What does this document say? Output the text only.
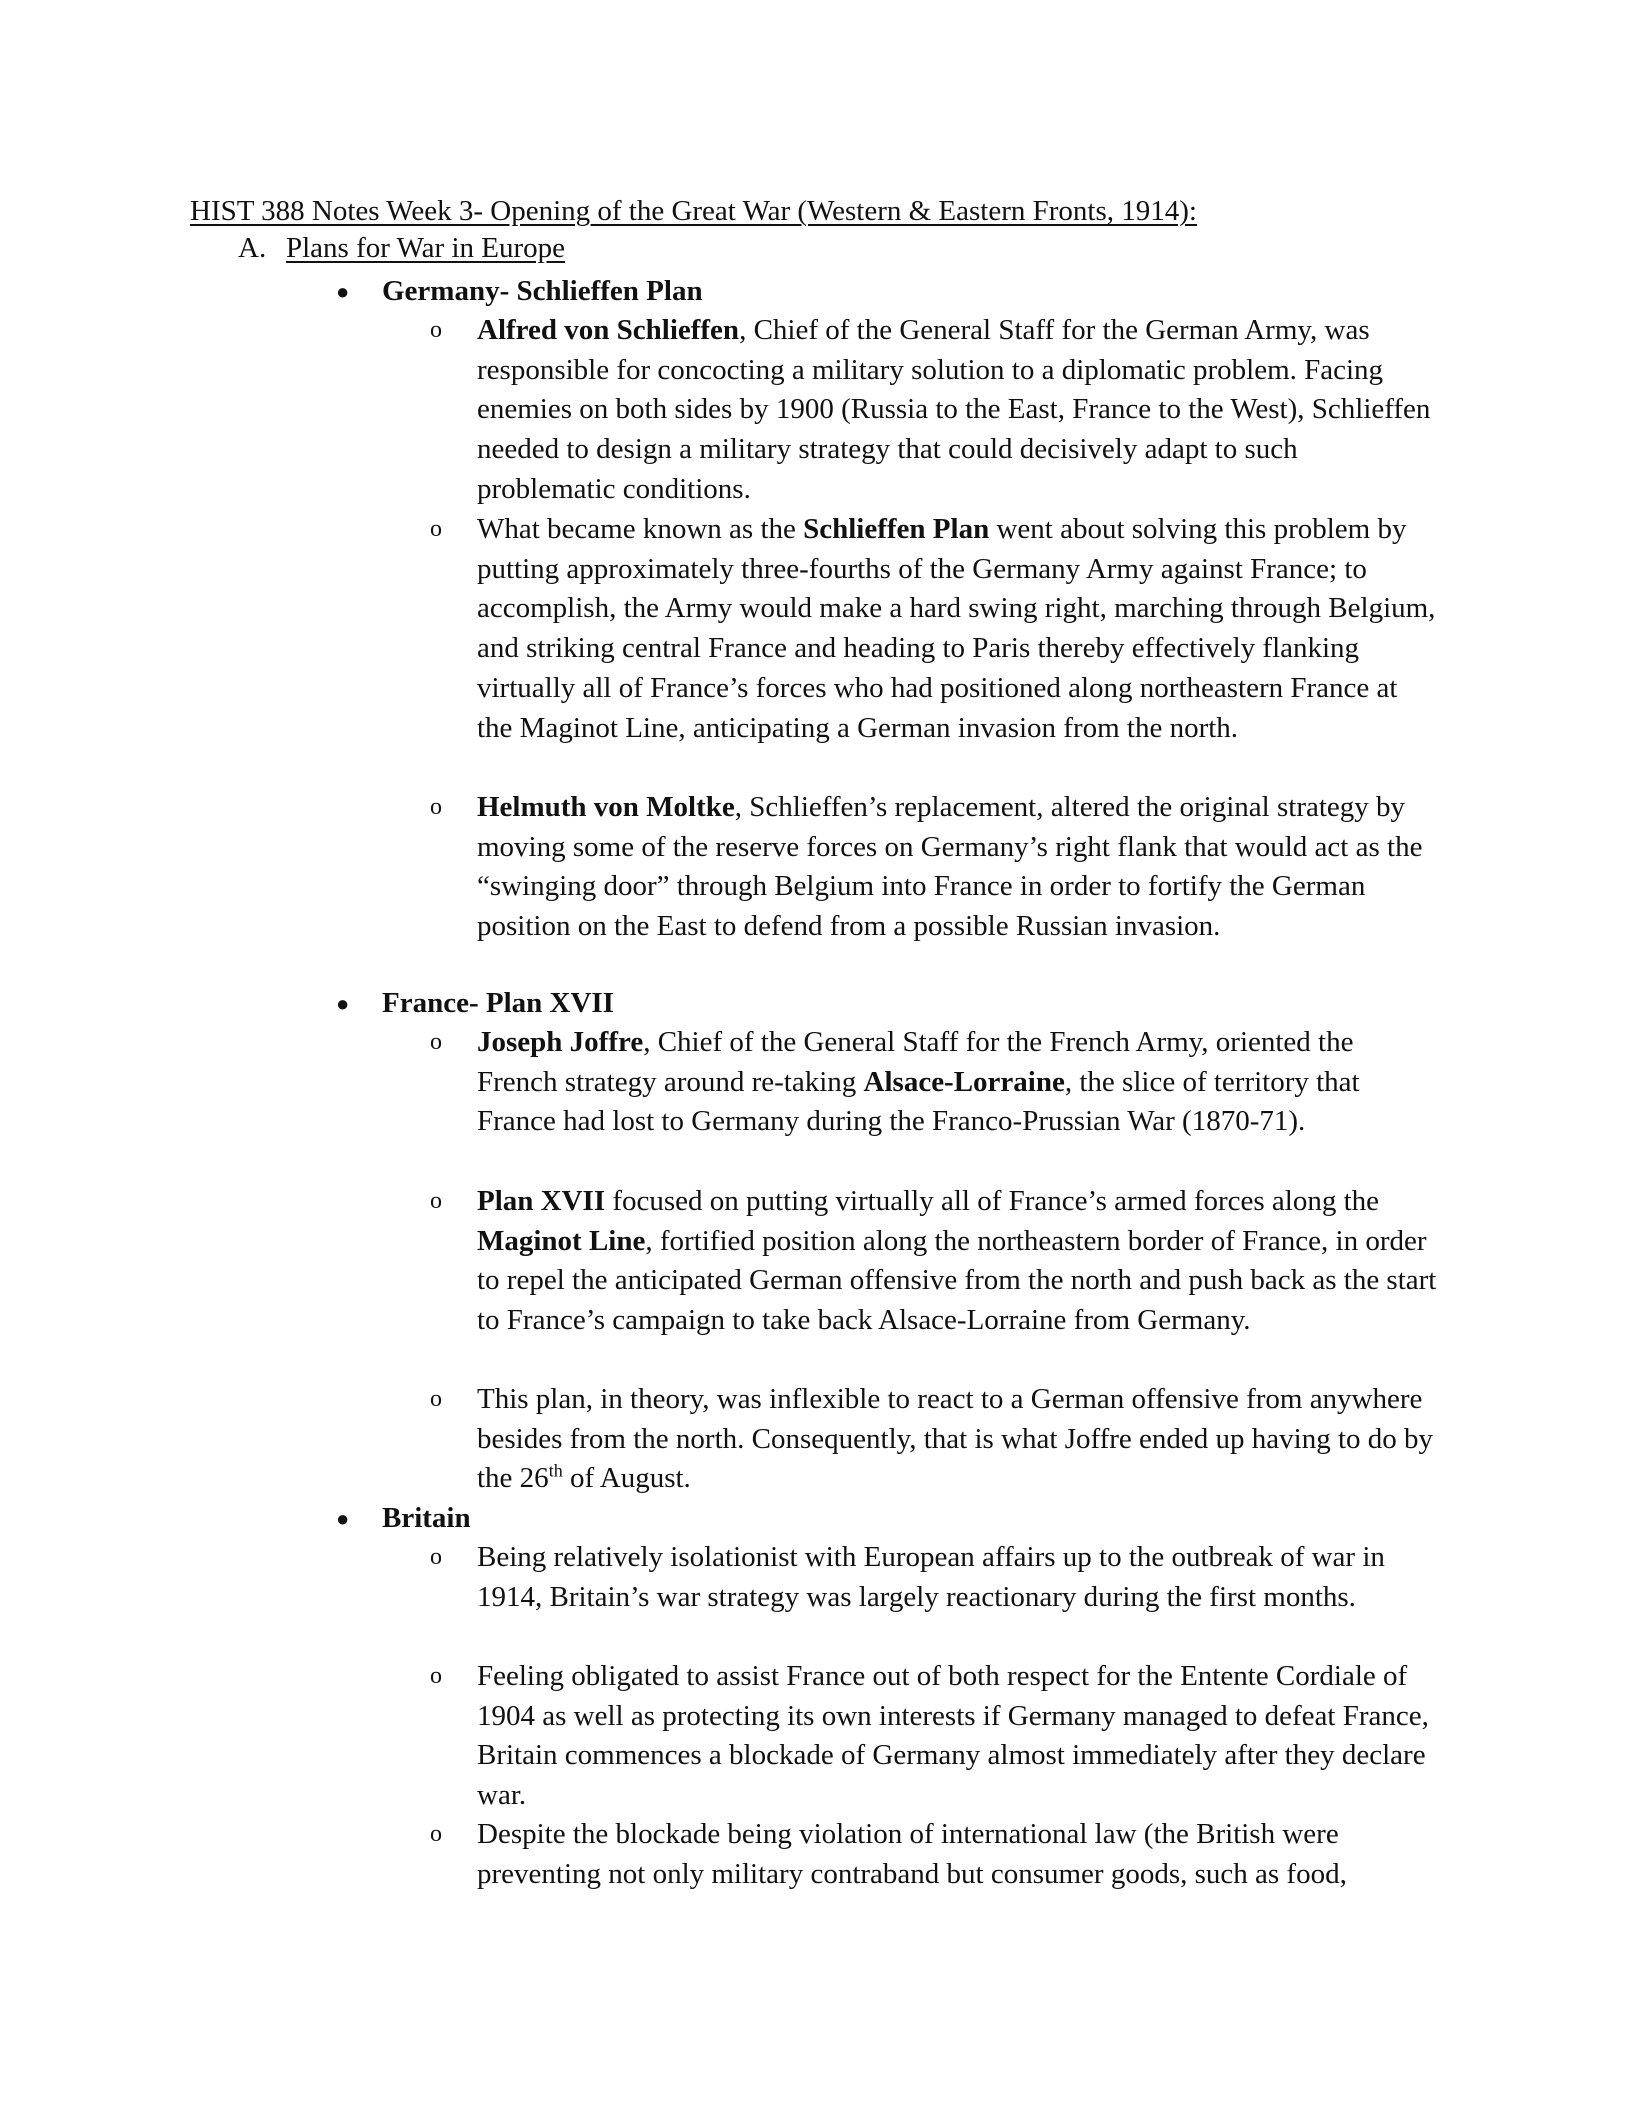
HIST 388 Notes Week 3- Opening of the Great War (Western & Eastern Fronts, 1914):
A. Plans for War in Europe
● Germany- Schlieffen Plan
o Alfred von Schlieffen, Chief of the General Staff for the German Army, was responsible for concocting a military solution to a diplomatic problem. Facing enemies on both sides by 1900 (Russia to the East, France to the West), Schlieffen needed to design a military strategy that could decisively adapt to such problematic conditions.
o What became known as the Schlieffen Plan went about solving this problem by putting approximately three-fourths of the Germany Army against France; to accomplish, the Army would make a hard swing right, marching through Belgium, and striking central France and heading to Paris thereby effectively flanking virtually all of France’s forces who had positioned along northeastern France at the Maginot Line, anticipating a German invasion from the north.
o Helmuth von Moltke, Schlieffen’s replacement, altered the original strategy by moving some of the reserve forces on Germany’s right flank that would act as the “swinging door” through Belgium into France in order to fortify the German position on the East to defend from a possible Russian invasion.
● France- Plan XVII
o Joseph Joffre, Chief of the General Staff for the French Army, oriented the French strategy around re-taking Alsace-Lorraine, the slice of territory that France had lost to Germany during the Franco-Prussian War (1870-71).
o Plan XVII focused on putting virtually all of France’s armed forces along the Maginot Line, fortified position along the northeastern border of France, in order to repel the anticipated German offensive from the north and push back as the start to France’s campaign to take back Alsace-Lorraine from Germany.
o This plan, in theory, was inflexible to react to a German offensive from anywhere besides from the north. Consequently, that is what Joffre ended up having to do by the 26th of August.
● Britain
o Being relatively isolationist with European affairs up to the outbreak of war in 1914, Britain’s war strategy was largely reactionary during the first months.
o Feeling obligated to assist France out of both respect for the Entente Cordiale of 1904 as well as protecting its own interests if Germany managed to defeat France, Britain commences a blockade of Germany almost immediately after they declare war.
o Despite the blockade being violation of international law (the British were preventing not only military contraband but consumer goods, such as food,
